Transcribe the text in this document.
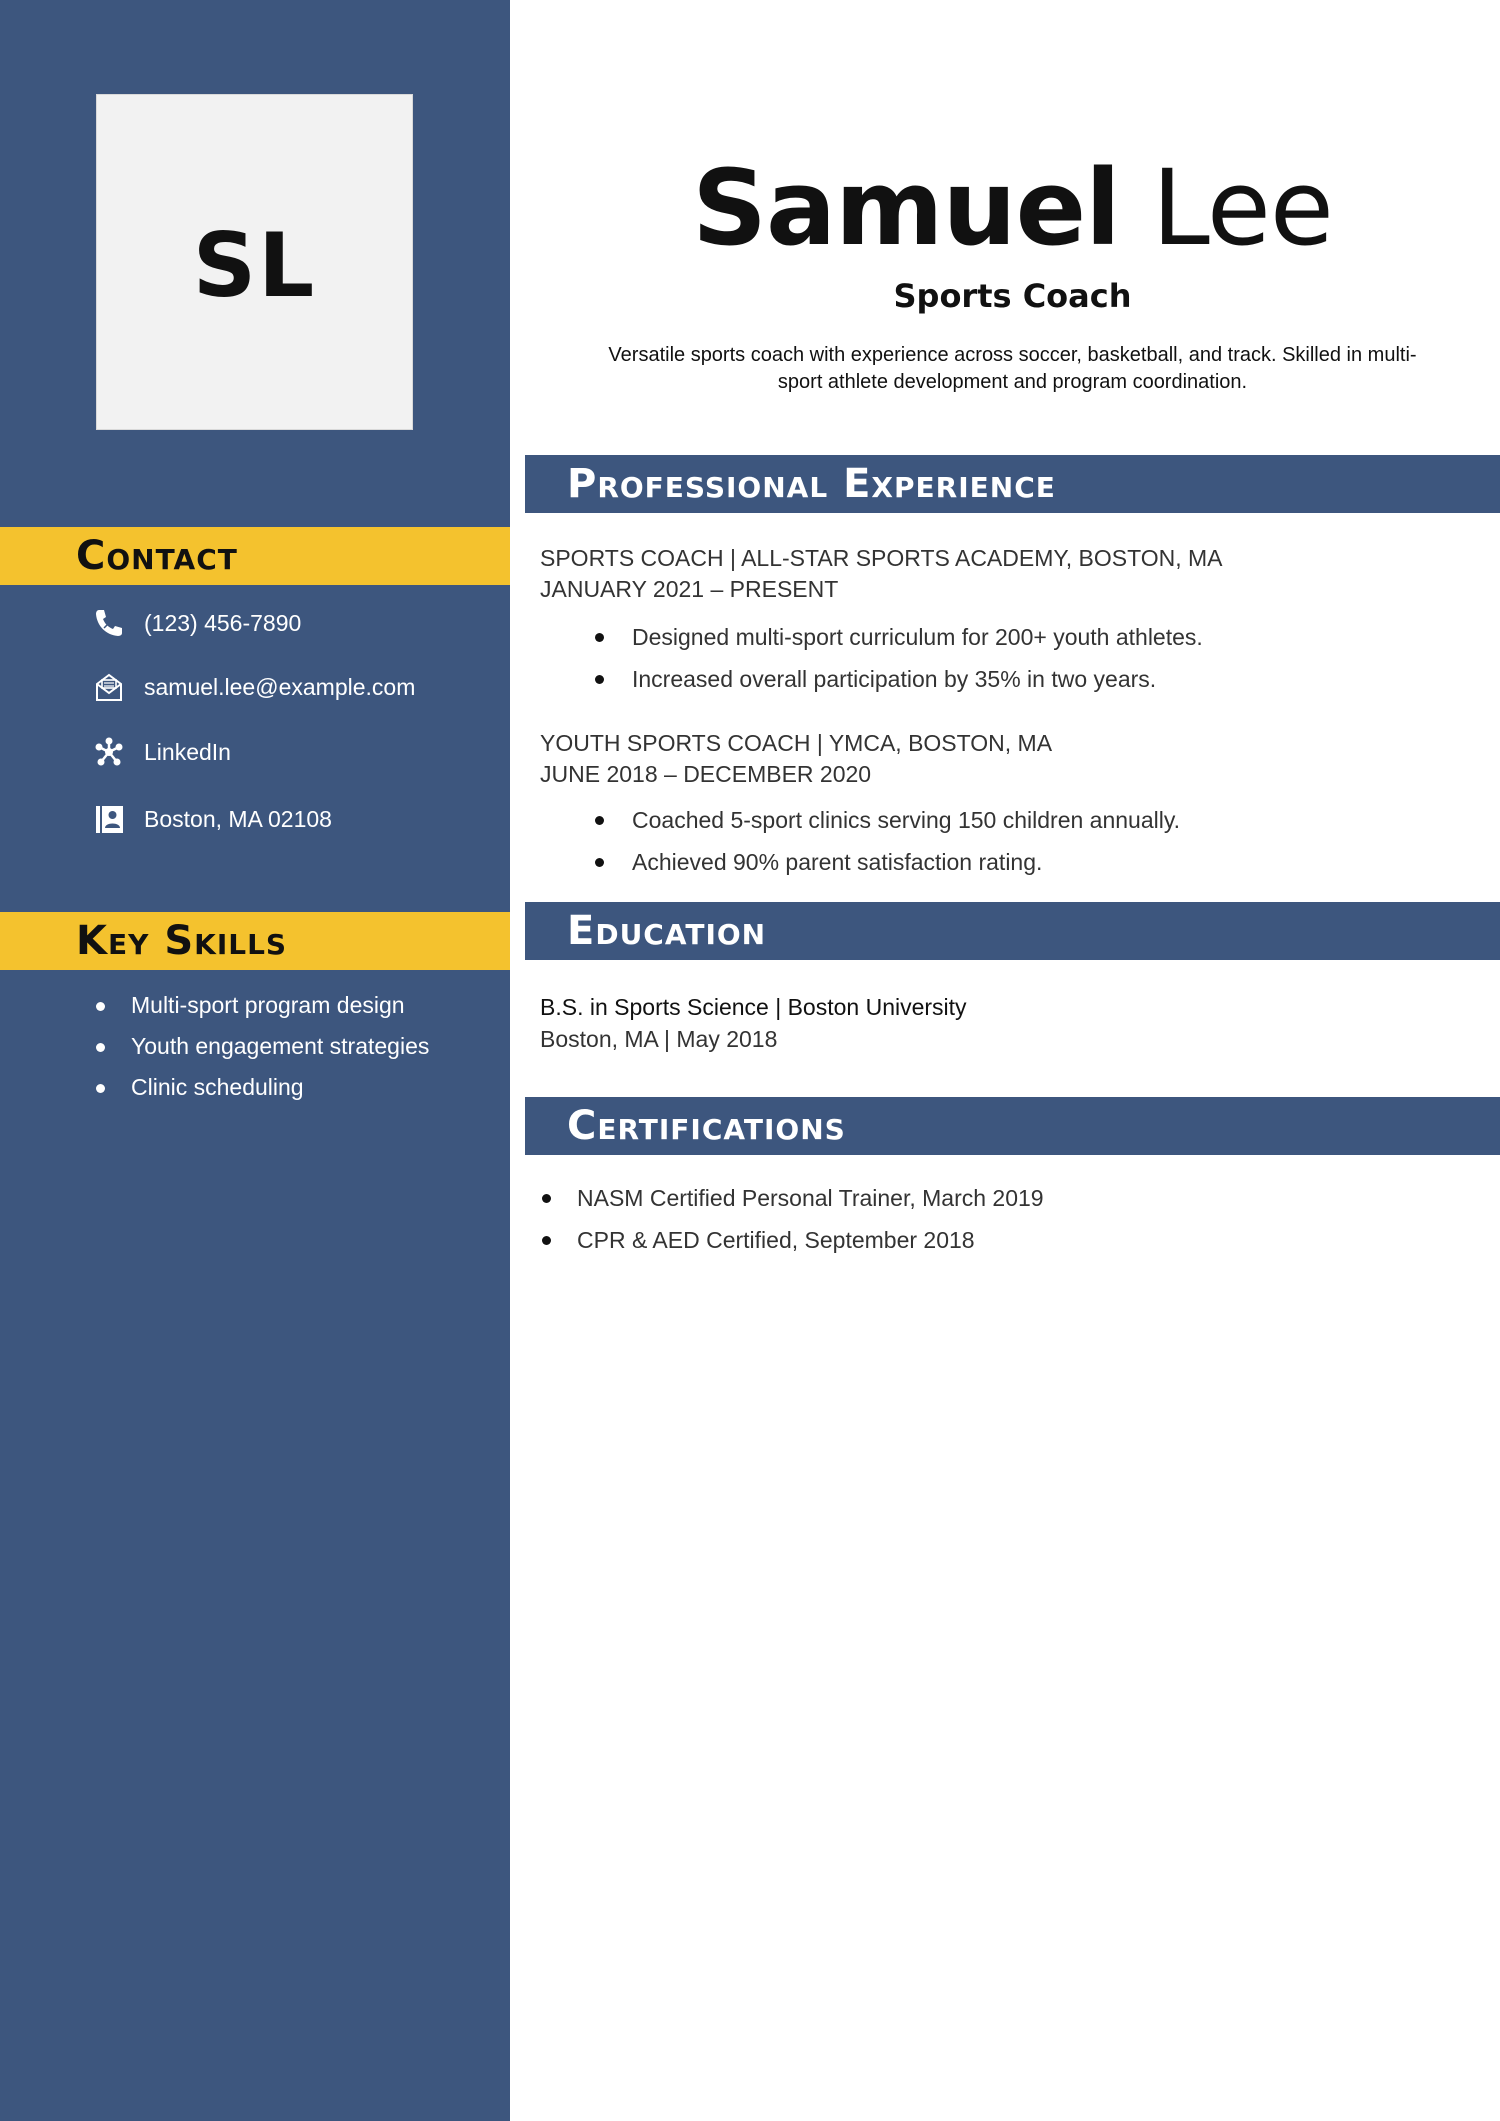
SL
Contact
(123) 456-7890
samuel.lee@example.com
LinkedIn
Boston, MA 02108
Key Skills
Multi-sport program design
Youth engagement strategies
Clinic scheduling
Samuel Lee
Sports Coach
Versatile sports coach with experience across soccer, basketball, and track. Skilled in multi-sport athlete development and program coordination.
Professional Experience
SPORTS COACH | ALL-STAR SPORTS ACADEMY, BOSTON, MA
JANUARY 2021 – PRESENT
Designed multi-sport curriculum for 200+ youth athletes.
Increased overall participation by 35% in two years.
YOUTH SPORTS COACH | YMCA, BOSTON, MA
JUNE 2018 – DECEMBER 2020
Coached 5-sport clinics serving 150 children annually.
Achieved 90% parent satisfaction rating.
Education
B.S. in Sports Science | Boston University
Boston, MA | May 2018
Certifications
NASM Certified Personal Trainer, March 2019
CPR & AED Certified, September 2018
